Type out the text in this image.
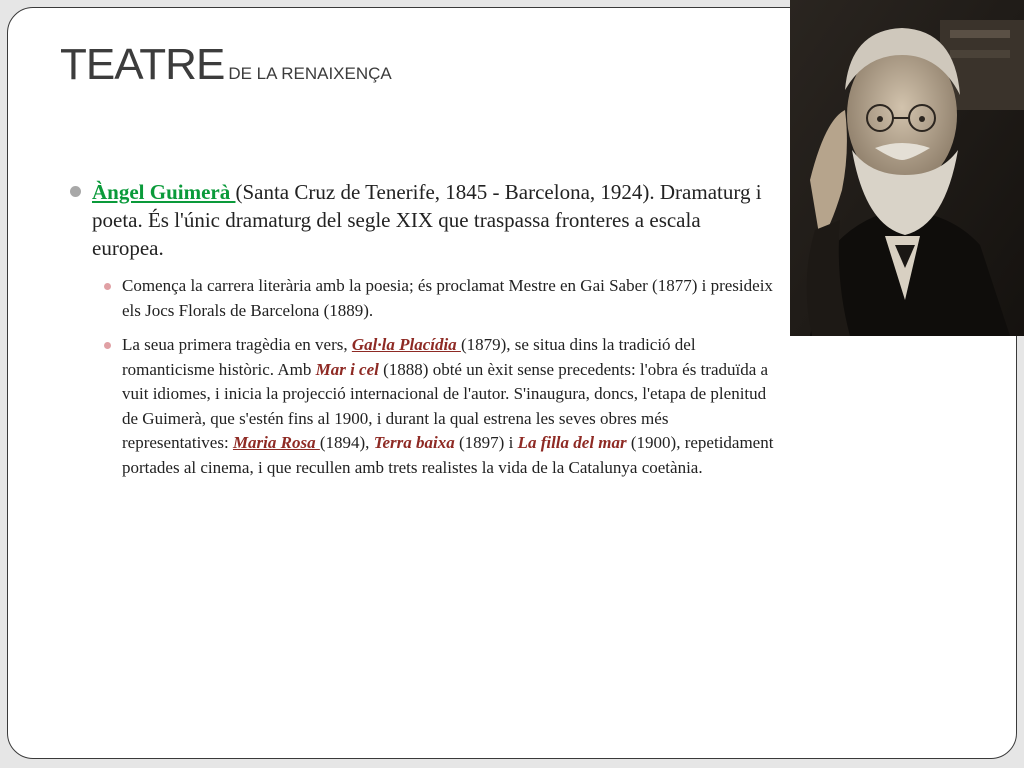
TEATRE DE LA RENAIXENÇA
Àngel Guimerà (Santa Cruz de Tenerife, 1845 - Barcelona, 1924). Dramaturg i poeta. És l'únic dramaturg del segle XIX que traspassa fronteres a escala europea.
Comença la carrera literària amb la poesia; és proclamat Mestre en Gai Saber (1877) i presideix els Jocs Florals de Barcelona (1889).
La seua primera tragèdia en vers, Gal·la Placídia (1879), se situa dins la tradició del romanticisme històric. Amb Mar i cel (1888) obté un èxit sense precedents: l'obra és traduïda a vuit idiomes, i inicia la projecció internacional de l'autor. S'inaugura, doncs, l'etapa de plenitud de Guimerà, que s'estén fins al 1900, i durant la qual estrena les seves obres més representatives: Maria Rosa (1894), Terra baixa (1897) i La filla del mar (1900), repetidament portades al cinema, i que recullen amb trets realistes la vida de la Catalunya coetània.
